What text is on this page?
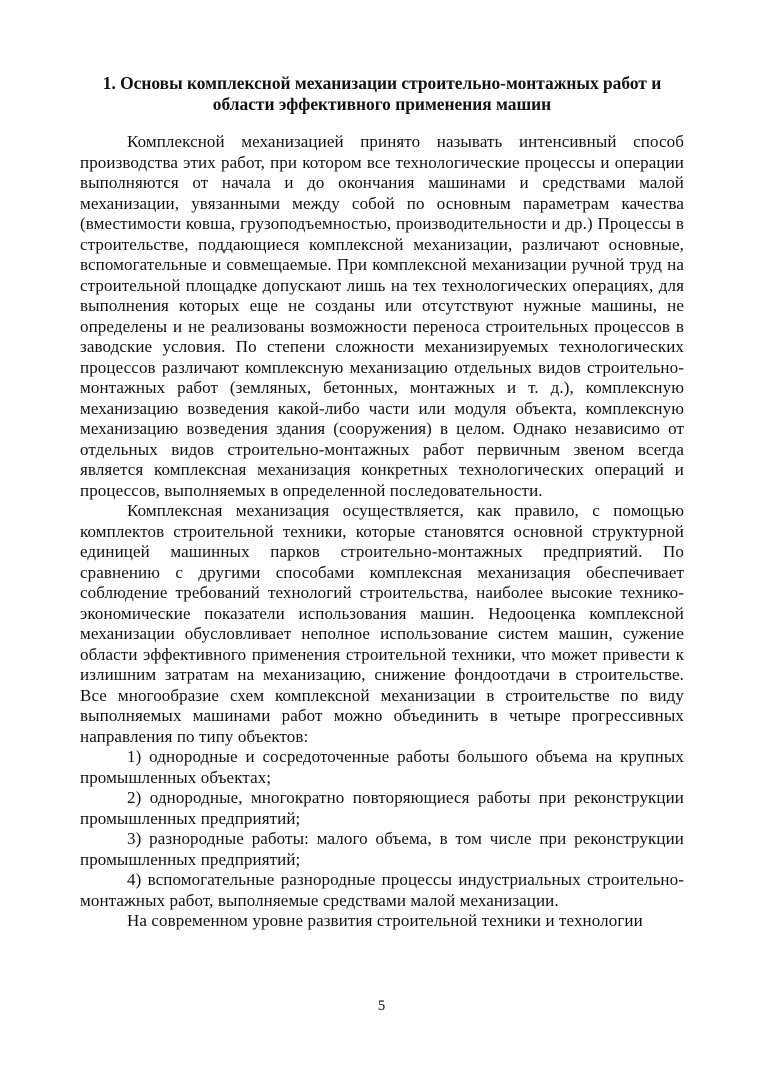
1. Основы комплексной механизации строительно-монтажных работ и
области эффективного применения машин

Комплексной механизацией принято называть интенсивный способ производства этих работ, при котором все технологические процессы и операции выполняются от начала и до окончания машинами и средствами малой механизации, увязанными между собой по основным параметрам качества (вместимости ковша, грузоподъемностью, производительности и др.) Процессы в строительстве, поддающиеся комплексной механизации, различают основные, вспомогательные и совмещаемые. При комплексной механизации ручной труд на строительной площадке допускают лишь на тех технологических операциях, для выполнения которых еще не созданы или отсутствуют нужные машины, не определены и не реализованы возможности переноса строительных процессов в заводские условия. По степени сложности механизируемых технологических процессов различают комплексную механизацию отдельных видов строительно-монтажных работ (земляных, бетонных, монтажных и т. д.), комплексную механизацию возведения какой-либо части или модуля объекта, комплексную механизацию возведения здания (сооружения) в целом. Однако независимо от отдельных видов строительно-монтажных работ первичным звеном всегда является комплексная механизация конкретных технологических операций и процессов, выполняемых в определенной последовательности.

Комплексная механизация осуществляется, как правило, с помощью комплектов строительной техники, которые становятся основной структурной единицей машинных парков строительно-монтажных предприятий. По сравнению с другими способами комплексная механизация обеспечивает соблюдение требований технологий строительства, наиболее высокие технико-экономические показатели использования машин. Недооценка комплексной механизации обусловливает неполное использование систем машин, сужение области эффективного применения строительной техники, что может привести к излишним затратам на механизацию, снижение фондоотдачи в строительстве. Все многообразие схем комплексной механизации в строительстве по виду выполняемых машинами работ можно объединить в четыре прогрессивных направления по типу объектов:

1) однородные и сосредоточенные работы большого объема на крупных промышленных объектах;

2) однородные, многократно повторяющиеся работы при реконструкции промышленных предприятий;

3) разнородные работы: малого объема, в том числе при реконструкции промышленных предприятий;

4) вспомогательные разнородные процессы индустриальных строительно-монтажных работ, выполняемые средствами малой механизации.

На современном уровне развития строительной техники и технологии

5
